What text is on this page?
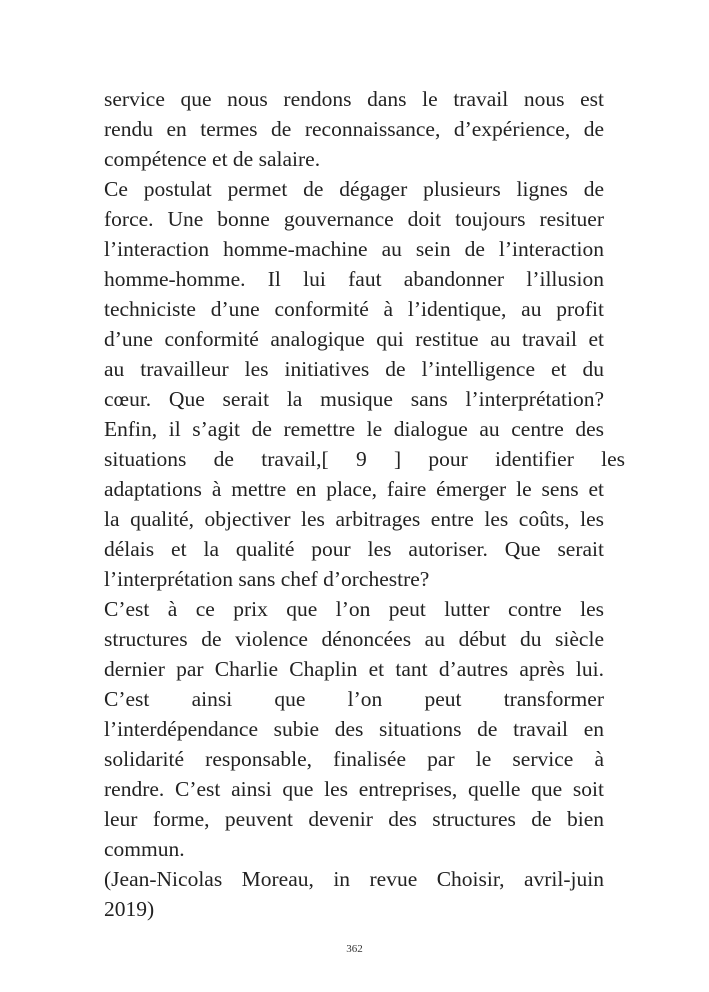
service que nous rendons dans le travail nous est
rendu en termes de reconnaissance, d’expérience, de
compétence et de salaire.
Ce postulat permet de dégager plusieurs lignes de
force. Une bonne gouvernance doit toujours resituer
l’interaction homme-machine au sein de l’interaction
homme-homme. Il lui faut abandonner l’illusion
techniciste d’une conformité à l’identique, au profit
d’une conformité analogique qui restitue au travail et
au travailleur les initiatives de l’intelligence et du
cœur. Que serait la musique sans l’interprétation?
Enfin, il s’agit de remettre le dialogue au centre des
situations de travail,[ 9 ] pour identifier les
adaptations à mettre en place, faire émerger le sens et
la qualité, objectiver les arbitrages entre les coûts, les
délais et la qualité pour les autoriser. Que serait
l’interprétation sans chef d’orchestre?
C’est à ce prix que l’on peut lutter contre les
structures de violence dénoncées au début du siècle
dernier par Charlie Chaplin et tant d’autres après lui.
C’est ainsi que l’on peut transformer
l’interdépendance subie des situations de travail en
solidarité responsable, finalisée par le service à
rendre. C’est ainsi que les entreprises, quelle que soit
leur forme, peuvent devenir des structures de bien
commun.
(Jean-Nicolas Moreau, in revue Choisir, avril-juin
2019)
362
